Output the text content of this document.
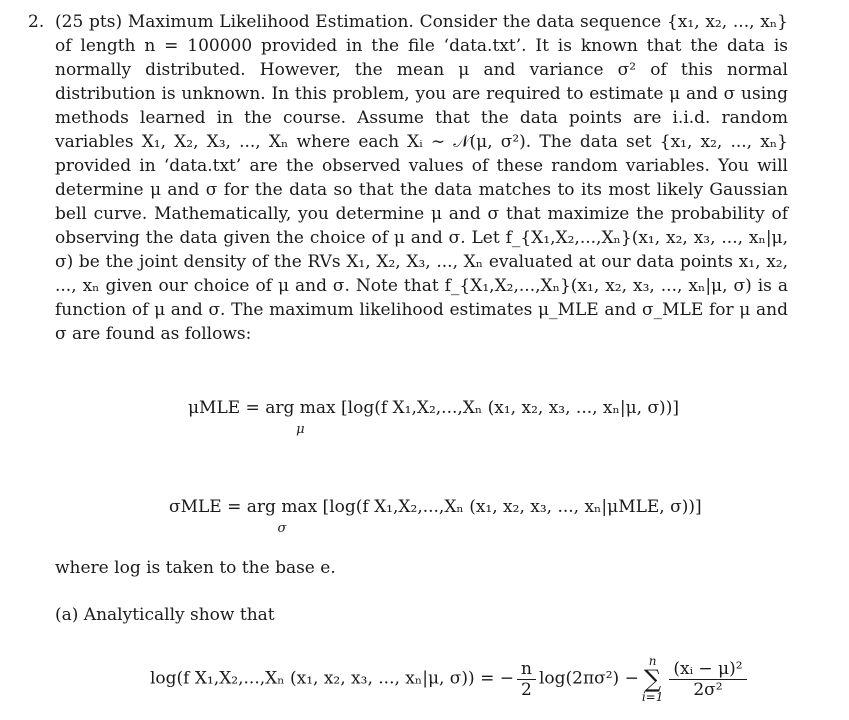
2. (25 pts) Maximum Likelihood Estimation. Consider the data sequence {x₁, x₂, ..., xₙ} of length n = 100000 provided in the file ‘data.txt’. It is known that the data is normally distributed. However, the mean μ and variance σ² of this normal distribution is unknown. In this problem, you are required to estimate μ and σ using methods learned in the course. Assume that the data points are i.i.d. random variables X₁, X₂, X₃, ..., Xₙ where each Xᵢ ∼ 𝒩(μ, σ²). The data set {x₁, x₂, ..., xₙ} provided in ‘data.txt’ are the observed values of these random variables. You will determine μ and σ for the data so that the data matches to its most likely Gaussian bell curve. Mathematically, you determine μ and σ that maximize the probability of observing the data given the choice of μ and σ. Let f_{X₁,X₂,...,Xₙ}(x₁, x₂, x₃, ..., xₙ|μ, σ) be the joint density of the RVs X₁, X₂, X₃, ..., Xₙ evaluated at our data points x₁, x₂, ..., xₙ given our choice of μ and σ. Note that f_{X₁,X₂,...,Xₙ}(x₁, x₂, x₃, ..., xₙ|μ, σ) is a function of μ and σ. The maximum likelihood estimates μ_MLE and σ_MLE for μ and σ are found as follows:

μMLE = arg max
μ
[log(f X₁,X₂,...,Xₙ (x₁, x₂, x₃, ..., xₙ|μ, σ))]
σMLE = arg max
σ
[log(f X₁,X₂,...,Xₙ (x₁, x₂, x₃, ..., xₙ|μMLE, σ))]
where log is taken to the base e.
(a) Analytically show that
log(f X₁,X₂,...,Xₙ (x₁, x₂, x₃, ..., xₙ|μ, σ)) = − $\frac{n}{2} \log(2\pi\sigma^2)$ −
n
∑
$i=1 \frac{\text{(xᵢ − μ)²}}{\text{2σ²}}$
